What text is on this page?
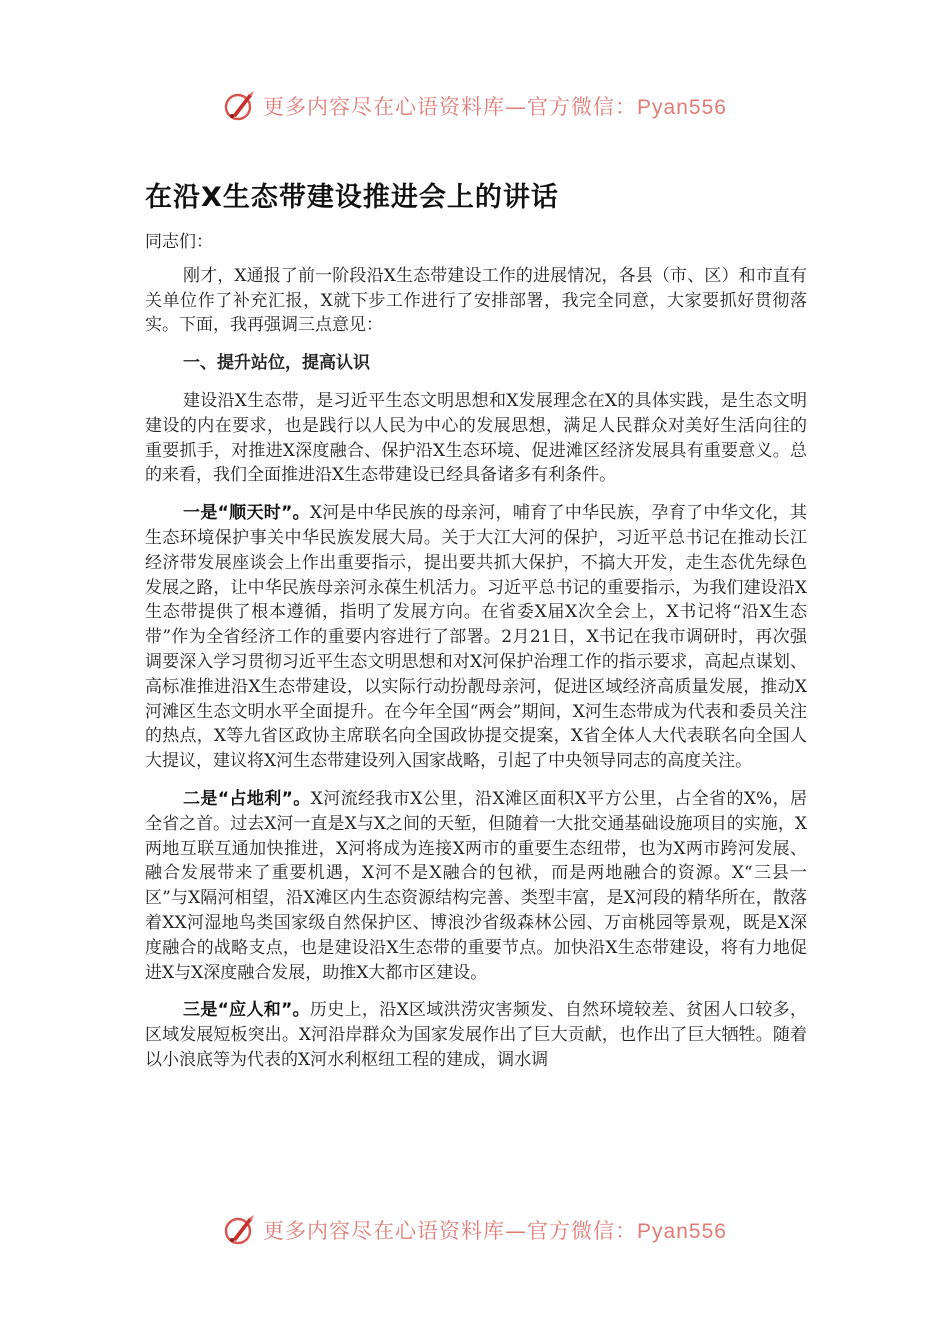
更多内容尽在心语资料库—官方微信：Pyan556
在沿X生态带建设推进会上的讲话

同志们：

刚才，X通报了前一阶段沿X生态带建设工作的进展情况，各县（市、区）和市直有关单位作了补充汇报，X就下步工作进行了安排部署，我完全同意，大家要抓好贯彻落实。下面，我再强调三点意见：

一、提升站位，提高认识

建设沿X生态带，是习近平生态文明思想和X发展理念在X的具体实践，是生态文明建设的内在要求，也是践行以人民为中心的发展思想，满足人民群众对美好生活向往的重要抓手，对推进X深度融合、保护沿X生态环境、促进滩区经济发展具有重要意义。总的来看，我们全面推进沿X生态带建设已经具备诸多有利条件。

一是“顺天时”。X河是中华民族的母亲河，哺育了中华民族，孕育了中华文化，其生态环境保护事关中华民族发展大局。关于大江大河的保护，习近平总书记在推动长江经济带发展座谈会上作出重要指示，提出要共抓大保护，不搞大开发，走生态优先绿色发展之路，让中华民族母亲河永葆生机活力。习近平总书记的重要指示，为我们建设沿X生态带提供了根本遵循，指明了发展方向。在省委X届X次全会上，X书记将“沿X生态带”作为全省经济工作的重要内容进行了部署。2月21日，X书记在我市调研时，再次强调要深入学习贯彻习近平生态文明思想和对X河保护治理工作的指示要求，高起点谋划、高标准推进沿X生态带建设，以实际行动扮靓母亲河，促进区域经济高质量发展，推动X河滩区生态文明水平全面提升。在今年全国“两会”期间，X河生态带成为代表和委员关注的热点，X等九省区政协主席联名向全国政协提交提案，X省全体人大代表联名向全国人大提议，建议将X河生态带建设列入国家战略，引起了中央领导同志的高度关注。

二是“占地利”。X河流经我市X公里，沿X滩区面积X平方公里，占全省的X%，居全省之首。过去X河一直是X与X之间的天堑，但随着一大批交通基础设施项目的实施，X两地互联互通加快推进，X河将成为连接X两市的重要生态纽带，也为X两市跨河发展、融合发展带来了重要机遇，X河不是X融合的包袱，而是两地融合的资源。X“三县一区”与X隔河相望，沿X滩区内生态资源结构完善、类型丰富，是X河段的精华所在，散落着XX河湿地鸟类国家级自然保护区、博浪沙省级森林公园、万亩桃园等景观，既是X深度融合的战略支点，也是建设沿X生态带的重要节点。加快沿X生态带建设，将有力地促进X与X深度融合发展，助推X大都市区建设。

三是“应人和”。历史上，沿X区域洪涝灾害频发、自然环境较差、贫困人口较多，区域发展短板突出。X河沿岸群众为国家发展作出了巨大贡献，也作出了巨大牺牲。随着以小浪底等为代表的X河水利枢纽工程的建成，调水调

更多内容尽在心语资料库—官方微信：Pyan556
